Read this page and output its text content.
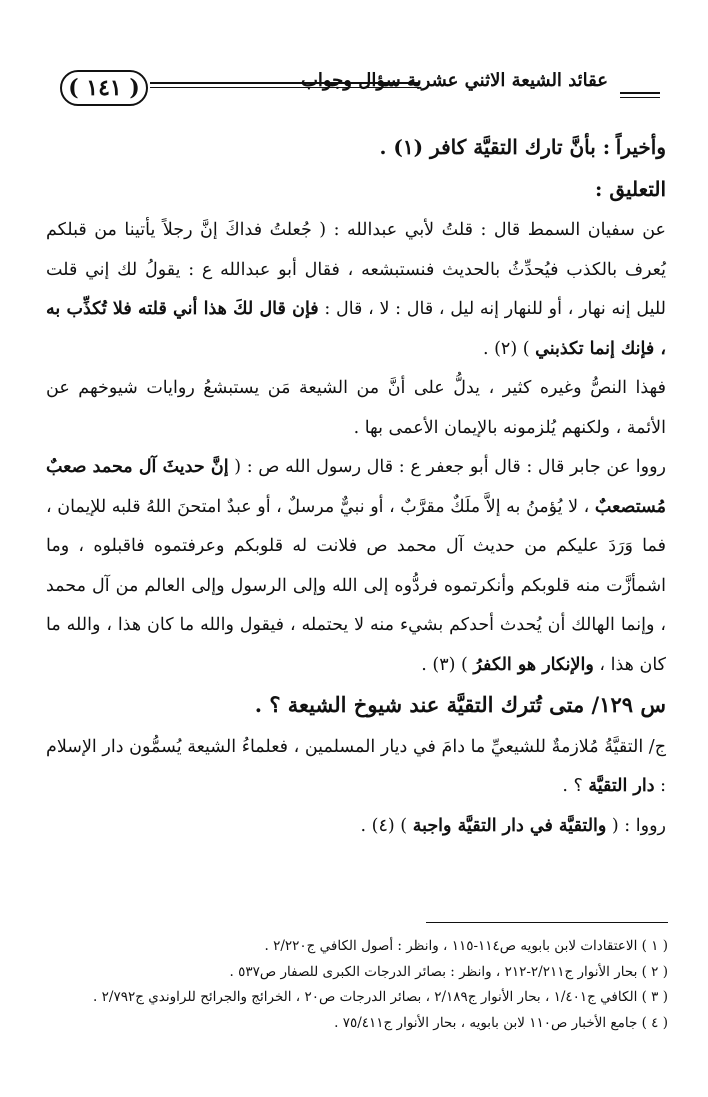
( ١٤١ )	عقائد الشيعة الاثني عشرية سؤال وجواب

وأخيراً : بأنَّ تارك التقيَّة كافر (١) .

التعليق :

عن سفيان السمط قال : قلتُ لأبي عبدالله : ( جُعلتُ فداكَ إنَّ رجلاً يأتينا من قبلكم يُعرف بالكذب فيُحدِّثُ بالحديث فنستبشعه ، فقال أبو عبدالله ع : يقولُ لك إني قلت لليل إنه نهار ، أو للنهار إنه ليل ، قال : لا ، قال : فإن قال لكَ هذا أني قلته فلا تُكذِّب به ، فإنك إنما تكذبني ) (٢) .

فهذا النصُّ وغيره كثير ، يدلُّ على أنَّ من الشيعة مَن يستبشعُ روايات شيوخهم عن الأئمة ، ولكنهم يُلزمونه بالإيمان الأعمى بها .

رووا عن جابر قال : قال أبو جعفر ع : قال رسول الله ص : ( إنَّ حديثَ آل محمد صعبٌ مُستصعبٌ ، لا يُؤمنُ به إلاَّ ملَكٌ مقرَّبٌ ، أو نبيٌّ مرسلٌ ، أو عبدٌ امتحنَ اللهُ قلبه للإيمان ، فما وَرَدَ عليكم من حديث آل محمد ص فلانت له قلوبكم وعرفتموه فاقبلوه ، وما اشمأزَّت منه قلوبكم وأنكرتموه فردُّوه إلى الله وإلى الرسول وإلى العالم من آل محمد ، وإنما الهالك أن يُحدث أحدكم بشيء منه لا يحتمله ، فيقول والله ما كان هذا ، والله ما كان هذا ، والإنكار هو الكفرُ ) (٣) .

س ١٢٩/ متى تُترك التقيَّة عند شيوخ الشيعة ؟ .

ج/ التقيَّةُ مُلازمةٌ للشيعيِّ ما دامَ في ديار المسلمين ، فعلماءُ الشيعة يُسمُّون دار الإسلام : دار التقيَّة ؟ .

رووا : ( والتقيَّة في دار التقيَّة واجبة ) (٤) .

( ١ ) الاعتقادات لابن بابويه ص١١٤-١١٥ ، وانظر : أصول الكافي ج٢/٢٢٠ .

( ٢ ) بحار الأنوار ج٢/٢١١-٢١٢ ، وانظر : بصائر الدرجات الكبرى للصفار ص٥٣٧ .

( ٣ ) الكافي ج١/٤٠١ ، بحار الأنوار ج٢/١٨٩ ، بصائر الدرجات ص٢٠ ، الخرائج والجرائح للراوندي ج٢/٧٩٢ .

( ٤ ) جامع الأخبار ص١١٠ لابن بابويه ، بحار الأنوار ج٧٥/٤١١ .
